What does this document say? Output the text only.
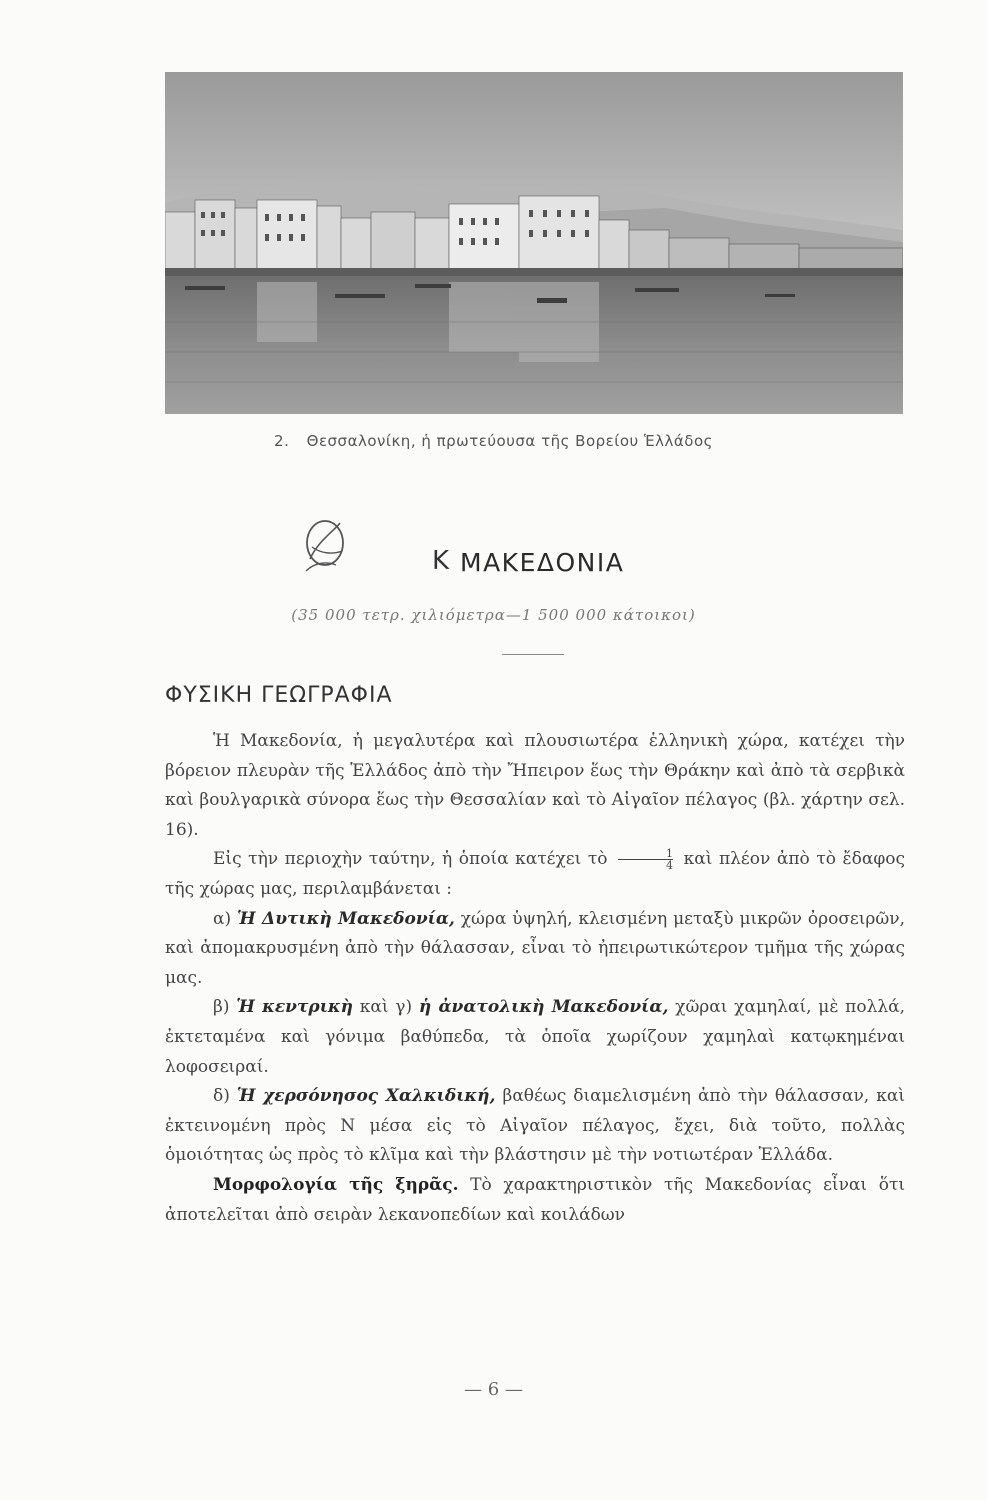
2. Θεσσαλονίκη, ἡ πρωτεύουσα τῆς Βορείου Ἑλλάδος
Κ ΜΑΚΕΔΟΝΙΑ
(35 000 τετρ. χιλιόμετρα—1 500 000 κάτοικοι)
ΦΥΣΙΚΗ ΓΕΩΓΡΑΦΙΑ

Ἡ Μακεδονία, ἡ μεγαλυτέρα καὶ πλουσιωτέρα ἑλληνικὴ χώρα, κατέχει τὴν βόρειον πλευρὰν τῆς Ἑλλάδος ἀπὸ τὴν Ἤπειρον ἕως τὴν Θράκην καὶ ἀπὸ τὰ σερβικὰ καὶ βουλγαρικὰ σύνορα ἕως τὴν Θεσσαλίαν καὶ τὸ Αἰγαῖον πέλαγος (βλ. χάρτην σελ. 16).

Εἰς τὴν περιοχὴν ταύτην, ἡ ὁποία κατέχει τὸ $\frac{1}{4}$ καὶ πλέον ἀπὸ τὸ ἔδαφος τῆς χώρας μας, περιλαμβάνεται :

α) Ἡ Δυτικὴ Μακεδονία, χώρα ὑψηλή, κλεισμένη μεταξὺ μικρῶν ὀροσειρῶν, καὶ ἀπομακρυσμένη ἀπὸ τὴν θάλασσαν, εἶναι τὸ ἠπειρωτικώτερον τμῆμα τῆς χώρας μας.

β) Ἡ κεντρικὴ καὶ γ) ἡ ἀνατολικὴ Μακεδονία, χῶραι χαμηλαί, μὲ πολλά, ἐκτεταμένα καὶ γόνιμα βαθύπεδα, τὰ ὁποῖα χωρίζουν χαμηλαὶ κατῳκημέναι λοφοσειραί.

δ) Ἡ χερσόνησος Χαλκιδική, βαθέως διαμελισμένη ἀπὸ τὴν θάλασσαν, καὶ ἐκτεινομένη πρὸς Ν μέσα εἰς τὸ Αἰγαῖον πέλαγος, ἔχει, διὰ τοῦτο, πολλὰς ὁμοιότητας ὡς πρὸς τὸ κλῖμα καὶ τὴν βλάστησιν μὲ τὴν νοτιωτέραν Ἑλλάδα.

Μορφολογία τῆς ξηρᾶς. Τὸ χαρακτηριστικὸν τῆς Μακεδονίας εἶναι ὅτι ἀποτελεῖται ἀπὸ σειρὰν λεκανοπεδίων καὶ κοιλάδων

— 6 —
